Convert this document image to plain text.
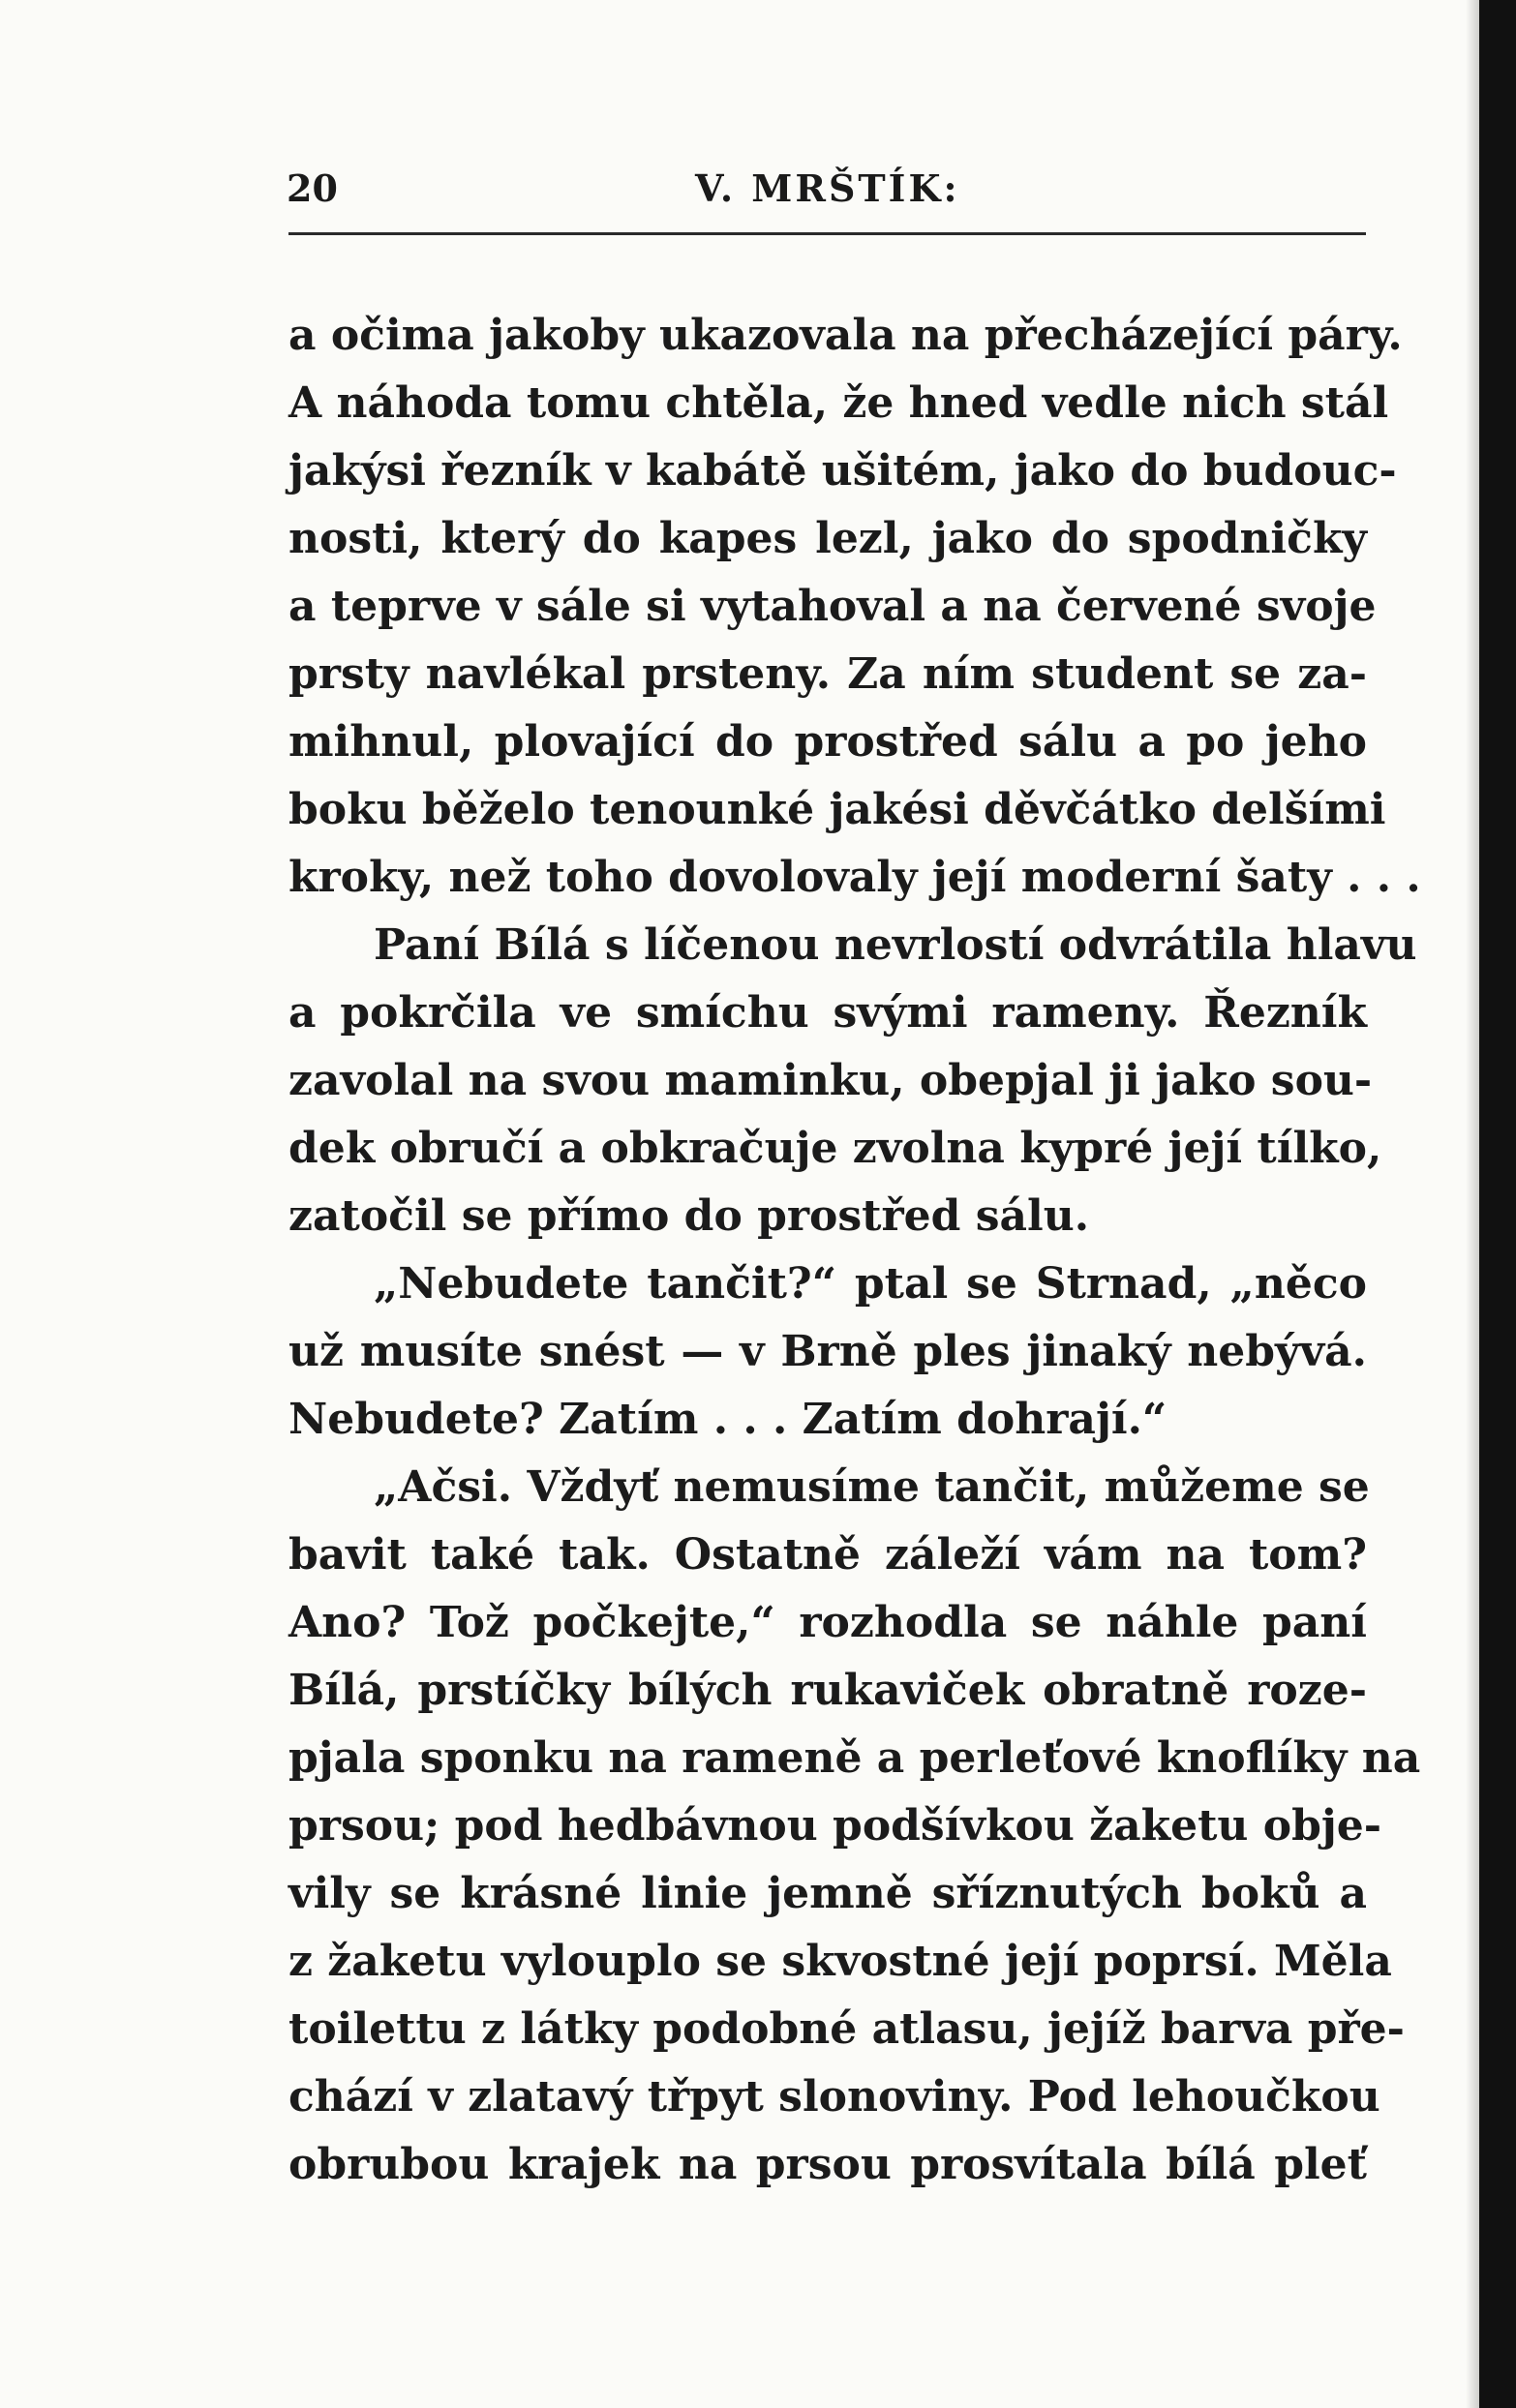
20	V. MRŠTÍK:
a očima jakoby ukazovala na přecházející páry.
A náhoda tomu chtěla, že hned vedle nich stál
jakýsi řezník v kabátě ušitém, jako do budouc-
nosti, který do kapes lezl, jako do spodničky
a teprve v sále si vytahoval a na červené svoje
prsty navlékal prsteny. Za ním student se za-
mihnul, plovající do prostřed sálu a po jeho
boku běželo tenounké jakési děvčátko delšími
kroky, než toho dovolovaly její moderní šaty . . .
Paní Bílá s líčenou nevrlostí odvrátila hlavu
a pokrčila ve smíchu svými rameny. Řezník
zavolal na svou maminku, obepjal ji jako sou-
dek obručí a obkračuje zvolna kypré její tílko,
zatočil se přímo do prostřed sálu.
„Nebudete tančit?“ ptal se Strnad, „něco
už musíte snést — v Brně ples jinaký nebývá.
Nebudete? Zatím . . . Zatím dohrají.“
„Ačsi. Vždyť nemusíme tančit, můžeme se
bavit také tak. Ostatně záleží vám na tom?
Ano? Tož počkejte,“ rozhodla se náhle paní
Bílá, prstíčky bílých rukaviček obratně roze-
pjala sponku na rameně a perleťové knoflíky na
prsou; pod hedbávnou podšívkou žaketu obje-
vily se krásné linie jemně sříznutých boků a
z žaketu vylouplo se skvostné její poprsí. Měla
toilettu z látky podobné atlasu, jejíž barva pře-
chází v zlatavý třpyt slonoviny. Pod lehoučkou
obrubou krajek na prsou prosvítala bílá pleť
